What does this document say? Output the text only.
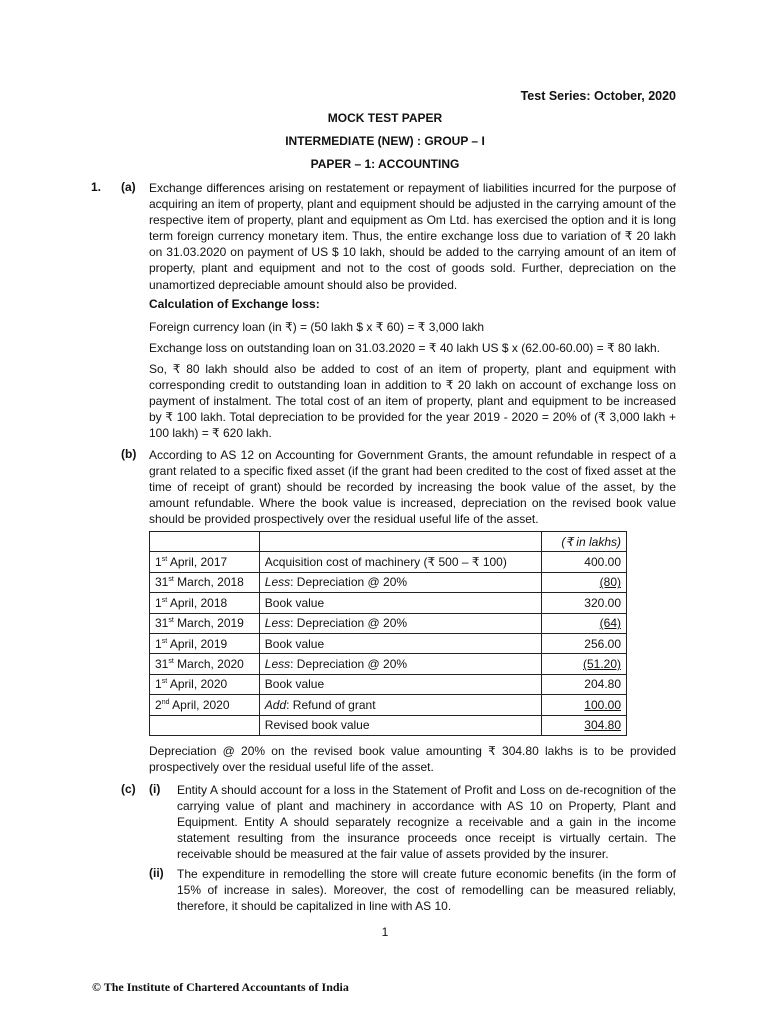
Test Series: October, 2020
MOCK TEST PAPER
INTERMEDIATE (NEW) : GROUP – I
PAPER – 1: ACCOUNTING
1. (a) Exchange differences arising on restatement or repayment of liabilities incurred for the purpose of acquiring an item of property, plant and equipment should be adjusted in the carrying amount of the respective item of property, plant and equipment as Om Ltd. has exercised the option and it is long term foreign currency monetary item. Thus, the entire exchange loss due to variation of ₹ 20 lakh on 31.03.2020 on payment of US $ 10 lakh, should be added to the carrying amount of an item of property, plant and equipment and not to the cost of goods sold. Further, depreciation on the unamortized depreciable amount should also be provided.
Calculation of Exchange loss:
Foreign currency loan (in ₹) = (50 lakh $ x ₹ 60) = ₹ 3,000 lakh
Exchange loss on outstanding loan on 31.03.2020 = ₹ 40 lakh US $ x (62.00-60.00) = ₹ 80 lakh.
So, ₹ 80 lakh should also be added to cost of an item of property, plant and equipment with corresponding credit to outstanding loan in addition to ₹ 20 lakh on account of exchange loss on payment of instalment. The total cost of an item of property, plant and equipment to be increased by ₹ 100 lakh. Total depreciation to be provided for the year 2019 - 2020 = 20% of (₹ 3,000 lakh + 100 lakh) = ₹ 620 lakh.
(b) According to AS 12 on Accounting for Government Grants, the amount refundable in respect of a grant related to a specific fixed asset (if the grant had been credited to the cost of fixed asset at the time of receipt of grant) should be recorded by increasing the book value of the asset, by the amount refundable. Where the book value is increased, depreciation on the revised book value should be provided prospectively over the residual useful life of the asset.
		(₹ in lakhs)
1st April, 2017	Acquisition cost of machinery (₹ 500 – ₹ 100)	400.00
31st March, 2018	Less: Depreciation @ 20%	(80)
1st April, 2018	Book value	320.00
31st March, 2019	Less: Depreciation @ 20%	(64)
1st April, 2019	Book value	256.00
31st March, 2020	Less: Depreciation @ 20%	(51.20)
1st April, 2020	Book value	204.80
2nd April, 2020	Add: Refund of grant	100.00
	Revised book value	304.80
Depreciation @ 20% on the revised book value amounting ₹ 304.80 lakhs is to be provided prospectively over the residual useful life of the asset.
(c) (i) Entity A should account for a loss in the Statement of Profit and Loss on de-recognition of the carrying value of plant and machinery in accordance with AS 10 on Property, Plant and Equipment. Entity A should separately recognize a receivable and a gain in the income statement resulting from the insurance proceeds once receipt is virtually certain. The receivable should be measured at the fair value of assets provided by the insurer.
(ii) The expenditure in remodelling the store will create future economic benefits (in the form of 15% of increase in sales). Moreover, the cost of remodelling can be measured reliably, therefore, it should be capitalized in line with AS 10.
1
© The Institute of Chartered Accountants of India
